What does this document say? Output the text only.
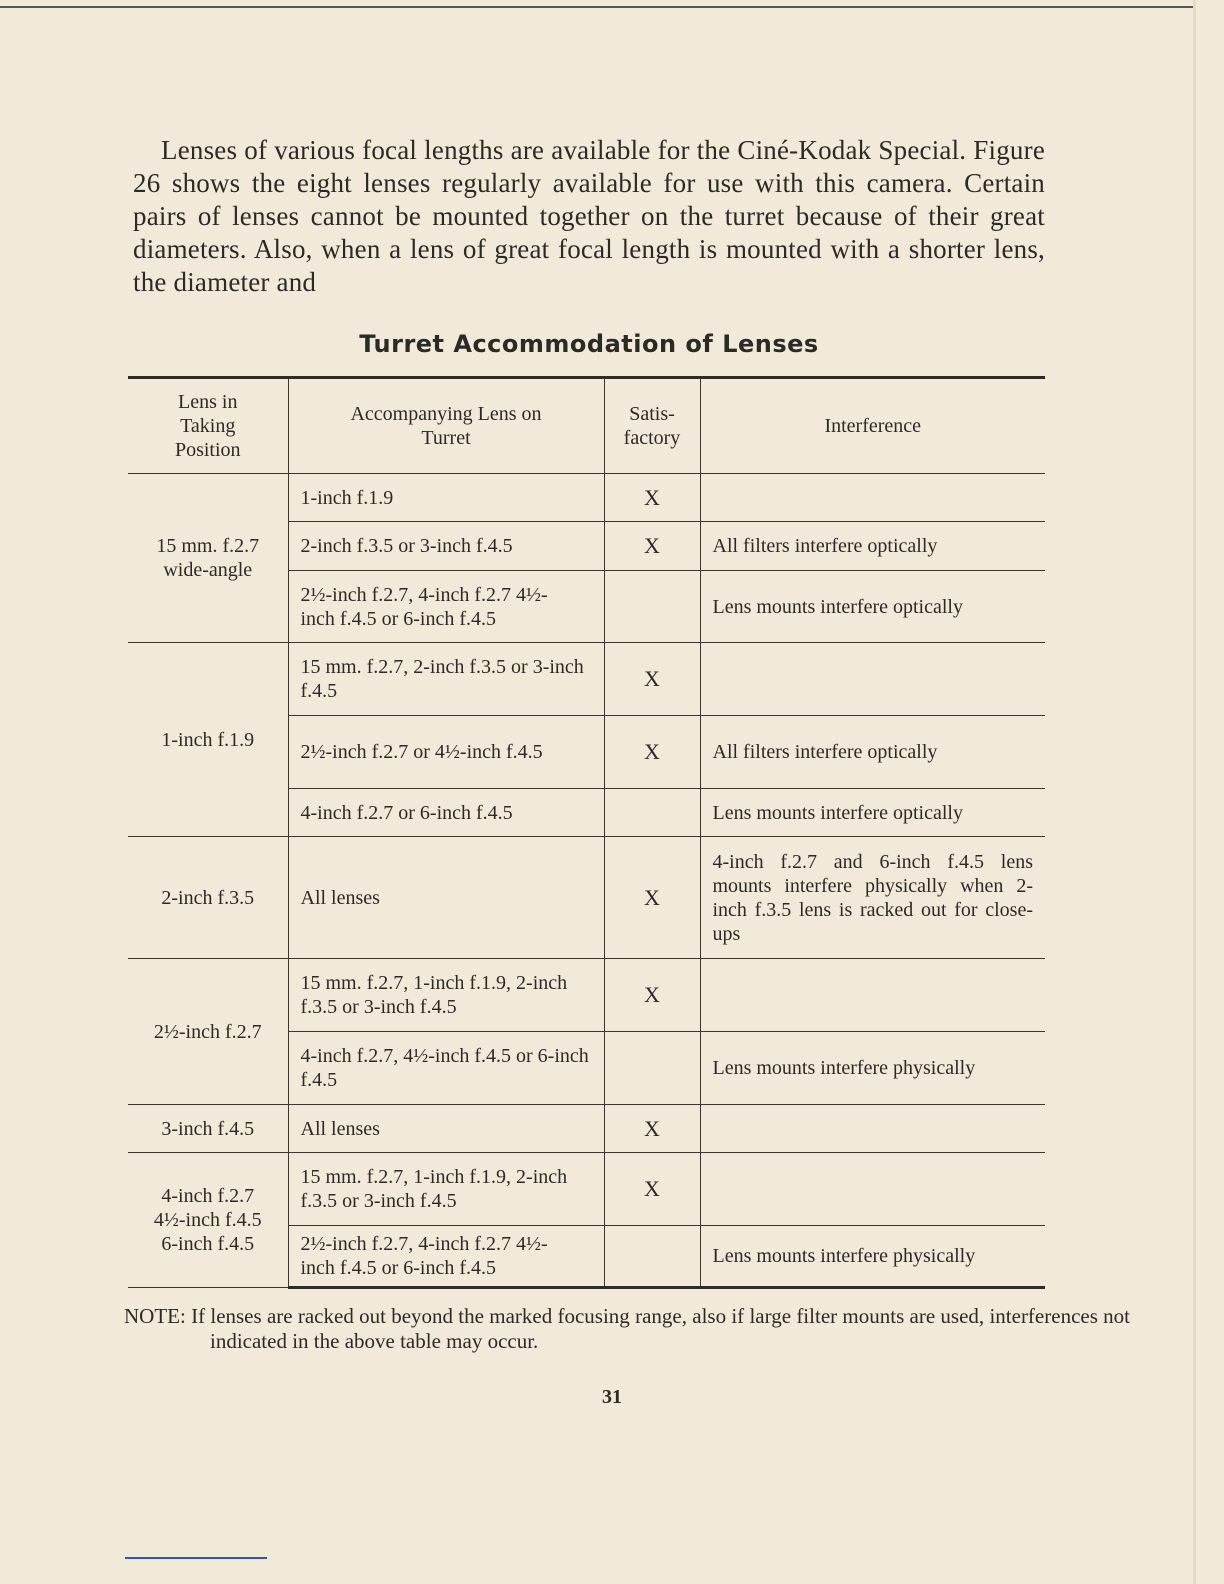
Lenses of various focal lengths are available for the Ciné-Kodak Special. Figure 26 shows the eight lenses regularly available for use with this camera. Certain pairs of lenses cannot be mounted together on the turret because of their great diameters. Also, when a lens of great focal length is mounted with a shorter lens, the diameter and

Turret Accommodation of Lenses
Lens in Taking Position	Accompanying Lens on Turret	Satis-factory	Interference
15 mm. f.2.7 wide-angle	1-inch f.1.9	X	
	2-inch f.3.5 or 3-inch f.4.5	X	All filters interfere optically
	2½-inch f.2.7, 4-inch f.2.7 4½-inch f.4.5 or 6-inch f.4.5		Lens mounts interfere optically
1-inch f.1.9	15 mm. f.2.7, 2-inch f.3.5 or 3-inch f.4.5	X	
	2½-inch f.2.7 or 4½-inch f.4.5	X	All filters interfere optically
	4-inch f.2.7 or 6-inch f.4.5		Lens mounts interfere optically
2-inch f.3.5	All lenses	X	4-inch f.2.7 and 6-inch f.4.5 lens mounts interfere physically when 2-inch f.3.5 lens is racked out for close-ups
2½-inch f.2.7	15 mm. f.2.7, 1-inch f.1.9, 2-inch f.3.5 or 3-inch f.4.5	X	
	4-inch f.2.7, 4½-inch f.4.5 or 6-inch f.4.5		Lens mounts interfere physically
3-inch f.4.5	All lenses	X	
4-inch f.2.7 4½-inch f.4.5 6-inch f.4.5	15 mm. f.2.7, 1-inch f.1.9, 2-inch f.3.5 or 3-inch f.4.5	X	
	2½-inch f.2.7, 4-inch f.2.7 4½-inch f.4.5 or 6-inch f.4.5		Lens mounts interfere physically

NOTE: If lenses are racked out beyond the marked focusing range, also if large filter mounts are used, interferences not indicated in the above table may occur.

31
